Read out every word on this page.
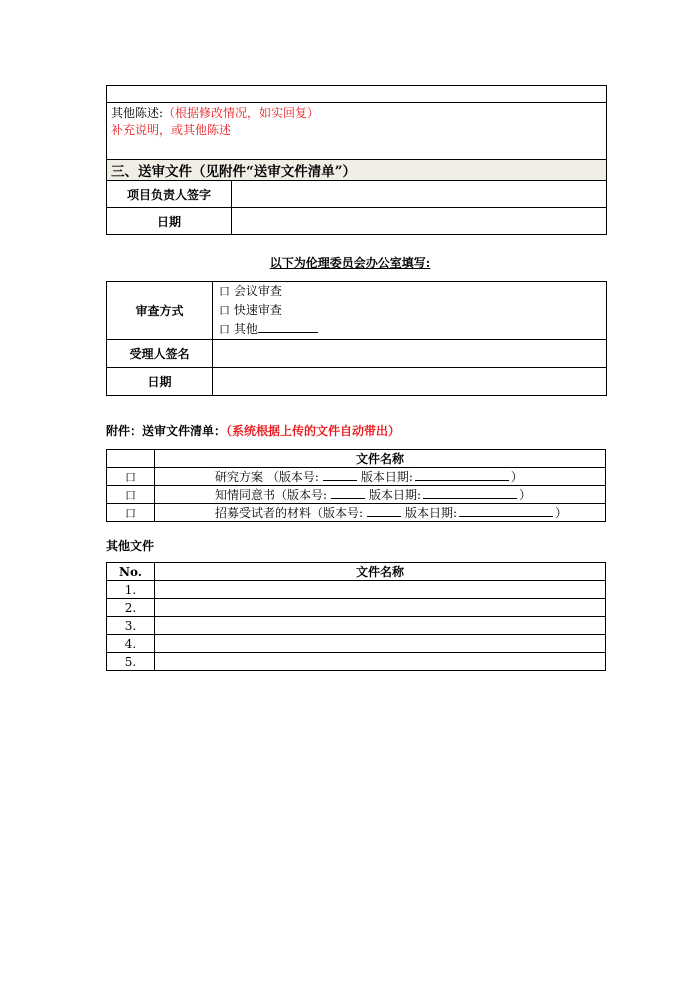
其他陈述:（根据修改情况，如实回复）
补充说明，或其他陈述	

三、送审文件（见附件“送审文件清单”）	
项目负责人签字	
日期	
以下为伦理委员会办公室填写:
审查方式	口 会议审查
口 快速审查
口 其他

受理人签名	
日期	
附件：送审文件清单：（系统根据上传的文件自动带出）
	文件名称
口	研究方案 （版本号: 版本日期: ）
口	知情同意书（版本号: 版本日期: ）
口	招募受试者的材料（版本号: 版本日期: ）
其他文件
No.	文件名称
1.	
2.	
3.	
4.	
5.	
